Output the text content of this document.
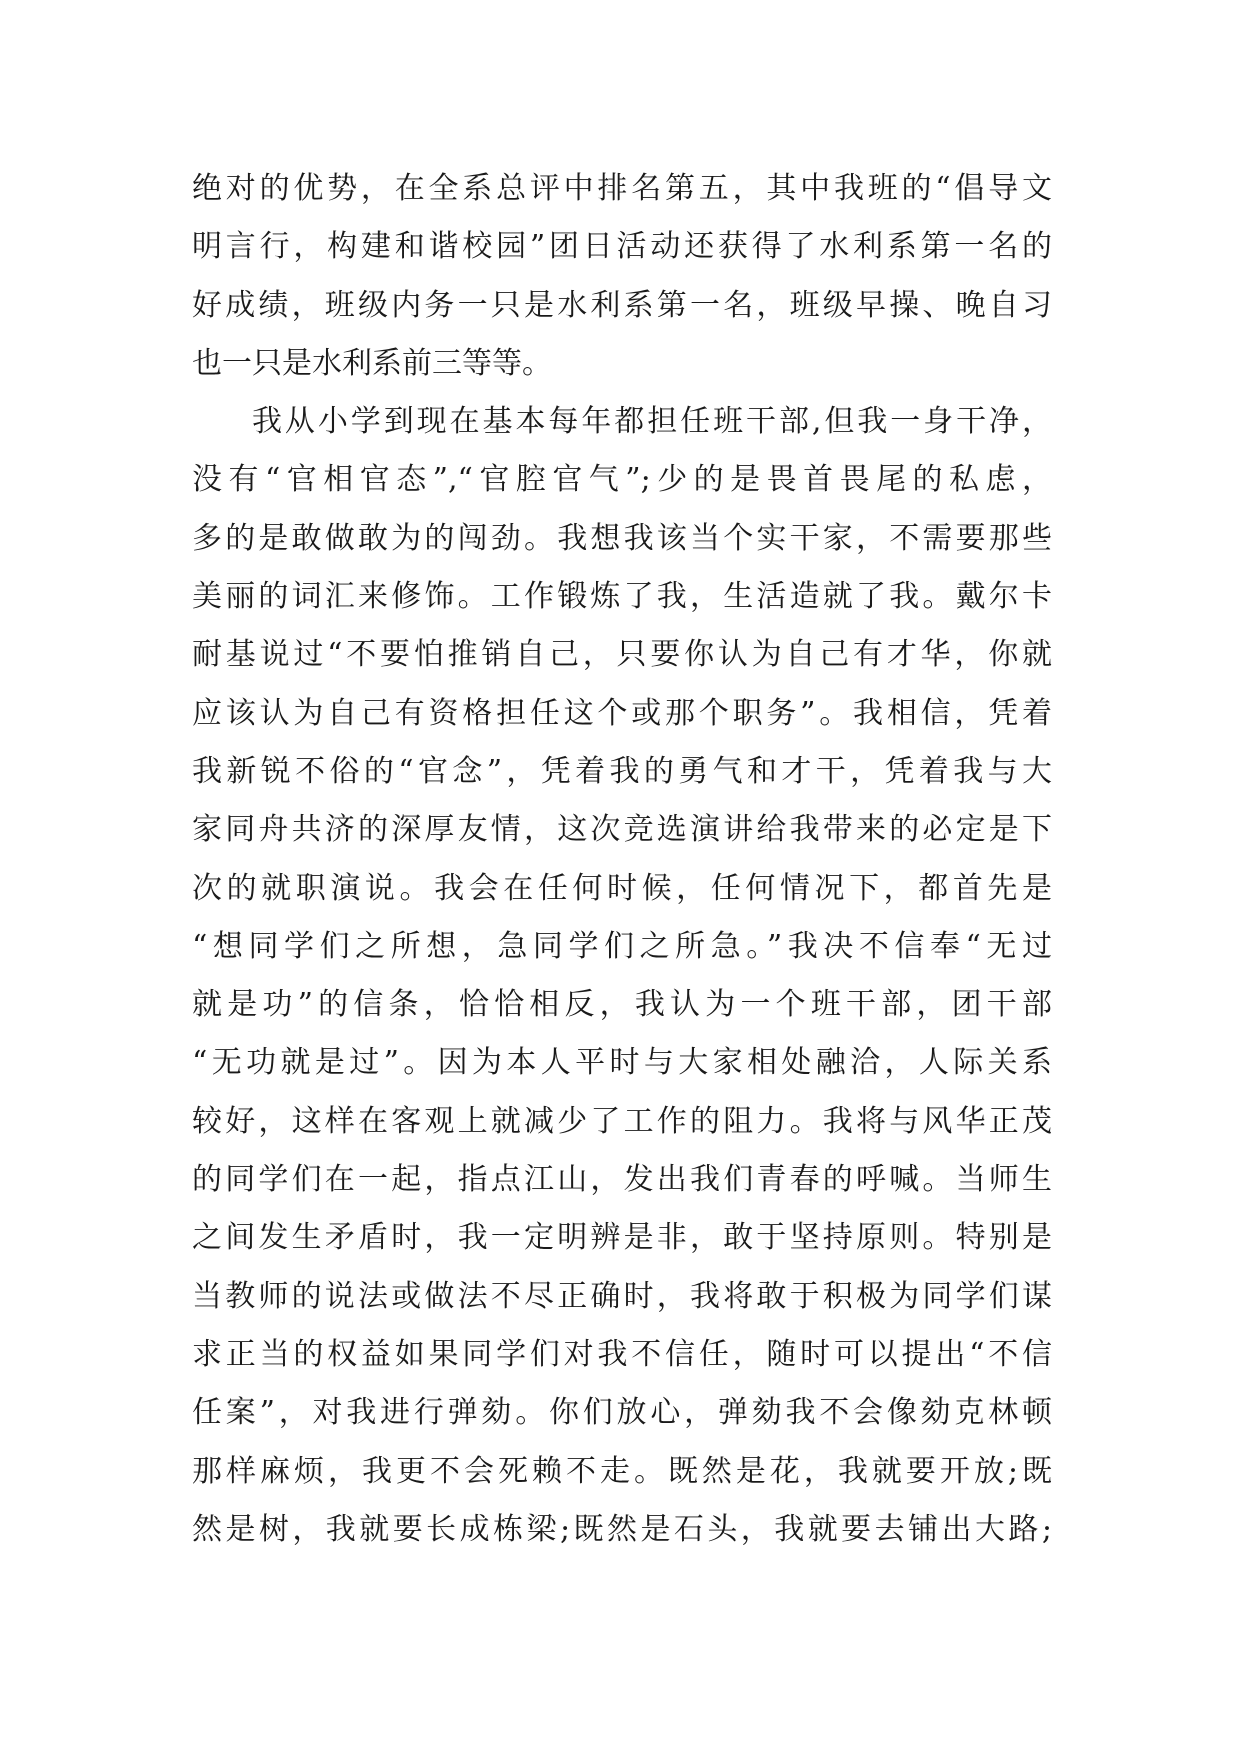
绝对的优势，在全系总评中排名第五，其中我班的“倡导文
明言行，构建和谐校园”团日活动还获得了水利系第一名的
好成绩，班级内务一只是水利系第一名，班级早操、晚自习
也一只是水利系前三等等。
我从小学到现在基本每年都担任班干部,但我一身干净，
没有“官相官态”,“官腔官气”;少的是畏首畏尾的私虑，
多的是敢做敢为的闯劲。我想我该当个实干家，不需要那些
美丽的词汇来修饰。工作锻炼了我，生活造就了我。戴尔卡
耐基说过“不要怕推销自己，只要你认为自己有才华，你就
应该认为自己有资格担任这个或那个职务”。我相信，凭着
我新锐不俗的“官念”，凭着我的勇气和才干，凭着我与大
家同舟共济的深厚友情，这次竞选演讲给我带来的必定是下
次的就职演说。我会在任何时候，任何情况下，都首先是
“想同学们之所想，急同学们之所急。”我决不信奉“无过
就是功”的信条，恰恰相反，我认为一个班干部，团干部
“无功就是过”。因为本人平时与大家相处融洽，人际关系
较好，这样在客观上就减少了工作的阻力。我将与风华正茂
的同学们在一起，指点江山，发出我们青春的呼喊。当师生
之间发生矛盾时，我一定明辨是非，敢于坚持原则。特别是
当教师的说法或做法不尽正确时，我将敢于积极为同学们谋
求正当的权益如果同学们对我不信任，随时可以提出“不信
任案”，对我进行弹劾。你们放心，弹劾我不会像劾克林顿
那样麻烦，我更不会死赖不走。既然是花，我就要开放;既
然是树，我就要长成栋梁;既然是石头，我就要去铺出大路;
